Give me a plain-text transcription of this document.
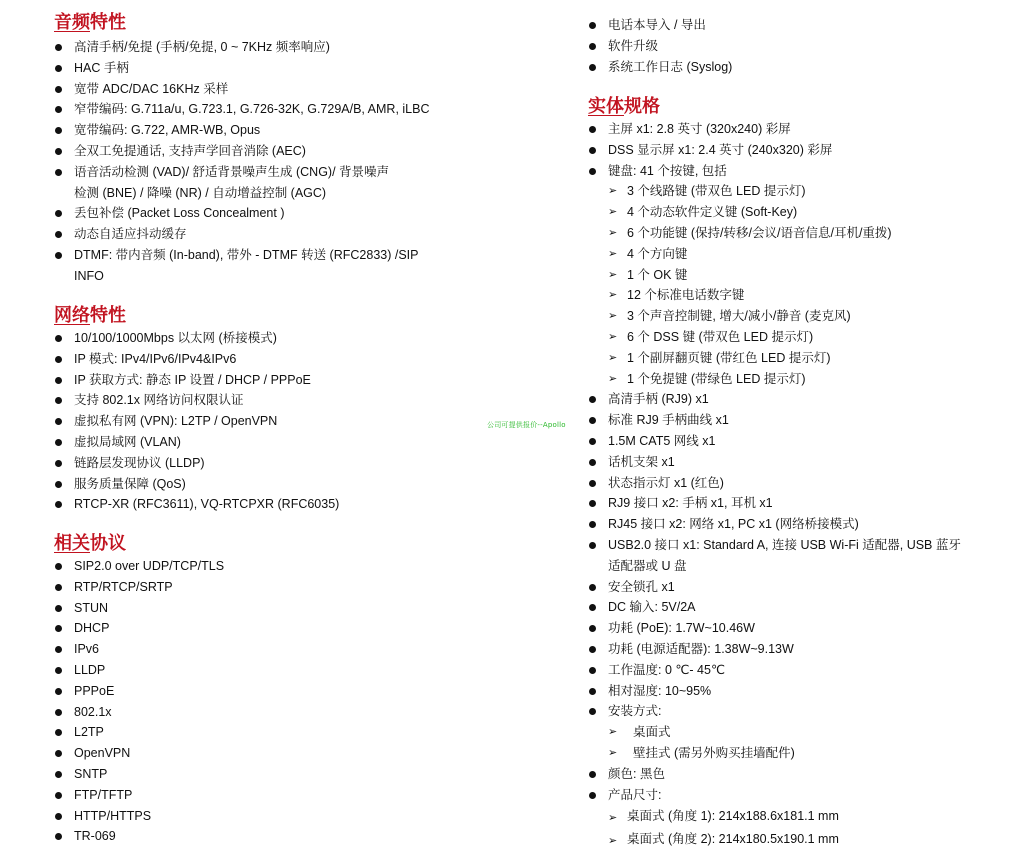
音频特性
高清手柄/免提 (手柄/免提, 0 ~ 7KHz 频率响应)
HAC 手柄
宽带 ADC/DAC 16KHz 采样
窄带编码: G.711a/u, G.723.1, G.726-32K, G.729A/B, AMR, iLBC
宽带编码: G.722, AMR-WB, Opus
全双工免提通话, 支持声学回音消除 (AEC)
语音活动检测 (VAD)/ 舒适背景噪声生成 (CNG)/ 背景噪声
检测 (BNE) / 降噪 (NR) / 自动增益控制 (AGC)
丢包补偿 (Packet Loss Concealment )
动态自适应抖动缓存
DTMF: 带内音频 (In-band), 带外 - DTMF 转送 (RFC2833) /SIP
INFO
网络特性
10/100/1000Mbps 以太网 (桥接模式)
IP 模式: IPv4/IPv6/IPv4&IPv6
IP 获取方式: 静态 IP 设置 / DHCP / PPPoE
支持 802.1x 网络访问权限认证
虚拟私有网 (VPN): L2TP / OpenVPN
虚拟局域网 (VLAN)
链路层发现协议 (LLDP)
服务质量保障 (QoS)
RTCP-XR (RFC3611), VQ-RTCPXR (RFC6035)
相关协议
SIP2.0 over UDP/TCP/TLS
RTP/RTCP/SRTP
STUN
DHCP
IPv6
LLDP
PPPoE
802.1x
L2TP
OpenVPN
SNTP
FTP/TFTP
HTTP/HTTPS
TR-069
公司可提供报价--Apollo
电话本导入 / 导出
软件升级
系统工作日志 (Syslog)
实体规格
主屏 x1: 2.8 英寸 (320x240) 彩屏
DSS 显示屏 x1: 2.4 英寸 (240x320) 彩屏
键盘: 41 个按键, 包括
➢ 3 个线路键 (带双色 LED 提示灯)
➢ 4 个动态软件定义键 (Soft-Key)
➢ 6 个功能键 (保持/转移/会议/语音信息/耳机/重拨)
➢ 4 个方向键
➢ 1 个 OK 键
➢ 12 个标准电话数字键
➢ 3 个声音控制键, 增大/减小/静音 (麦克风)
➢ 6 个 DSS 键 (带双色 LED 提示灯)
➢ 1 个副屏翻页键 (带红色 LED 提示灯)
➢ 1 个免提键 (带绿色 LED 提示灯)
高清手柄 (RJ9) x1
标准 RJ9 手柄曲线 x1
1.5M CAT5 网线 x1
话机支架 x1
状态指示灯 x1 (红色)
RJ9 接口 x2: 手柄 x1, 耳机 x1
RJ45 接口 x2: 网络 x1, PC x1 (网络桥接模式)
USB2.0 接口 x1: Standard A, 连接 USB Wi-Fi 适配器, USB 蓝牙
适配器或 U 盘
安全锁孔 x1
DC 输入: 5V/2A
功耗 (PoE): 1.7W~10.46W
功耗 (电源适配器): 1.38W~9.13W
工作温度: 0 ℃- 45℃
相对湿度: 10~95%
安装方式:
➢ 桌面式
➢ 壁挂式 (需另外购买挂墙配件)
颜色: 黑色
产品尺寸:
➢ 桌面式 (角度 1): 214x188.6x181.1 mm
➢ 桌面式 (角度 2): 214x180.5x190.1 mm
